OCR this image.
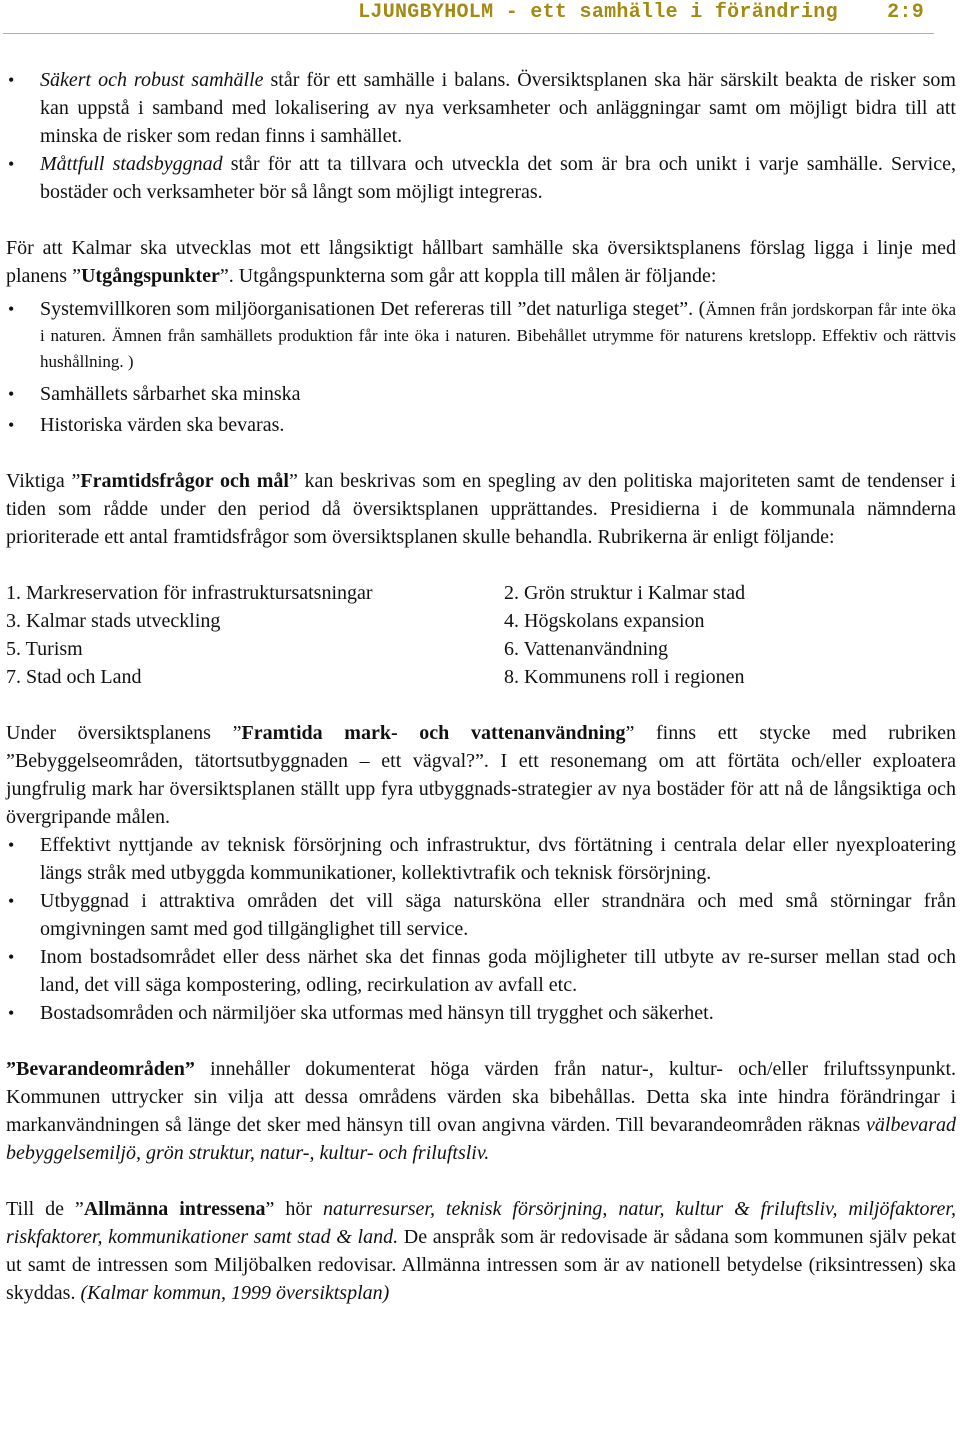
LJUNGBYHOLM - ett samhälle i förändring 2:9
• Säkert och robust samhälle står för ett samhälle i balans. Översiktsplanen ska här särskilt beakta de risker som kan uppstå i samband med lokalisering av nya verksamheter och anläggningar samt om möjligt bidra till att minska de risker som redan finns i samhället.
• Måttfull stadsbyggnad står för att ta tillvara och utveckla det som är bra och unikt i varje samhälle. Service, bostäder och verksamheter bör så långt som möjligt integreras.

För att Kalmar ska utvecklas mot ett långsiktigt hållbart samhälle ska översiktsplanens förslag ligga i linje med planens ”Utgångspunkter”. Utgångspunkterna som går att koppla till målen är följande:

• Systemvillkoren som miljöorganisationen Det refereras till ”det naturliga steget”. (Ämnen från jordskorpan får inte öka i naturen. Ämnen från samhällets produktion får inte öka i naturen. Bibehållet utrymme för naturens kretslopp. Effektiv och rättvis hushållning. )
• Samhällets sårbarhet ska minska
• Historiska värden ska bevaras.

Viktiga ”Framtidsfrågor och mål” kan beskrivas som en spegling av den politiska majoriteten samt de tendenser i tiden som rådde under den period då översiktsplanen upprättandes. Presidierna i de kommunala nämnderna prioriterade ett antal framtidsfrågor som översiktsplanen skulle behandla. Rubrikerna är enligt följande:

1. Markreservation för infrastruktursatsningar	2. Grön struktur i Kalmar stad
3. Kalmar stads utveckling	4. Högskolans expansion
5. Turism	6. Vattenanvändning
7. Stad och Land	8. Kommunens roll i regionen

Under översiktsplanens ”Framtida mark- och vattenanvändning” finns ett stycke med rubriken ”Bebyggelseområden, tätortsutbyggnaden – ett vägval?”. I ett resonemang om att förtäta och/eller exploatera jungfrulig mark har översiktsplanen ställt upp fyra utbyggnads-strategier av nya bostäder för att nå de långsiktiga och övergripande målen.

• Effektivt nyttjande av teknisk försörjning och infrastruktur, dvs förtätning i centrala delar eller nyexploatering längs stråk med utbyggda kommunikationer, kollektivtrafik och teknisk försörjning.
• Utbyggnad i attraktiva områden det vill säga natursköna eller strandnära och med små störningar från omgivningen samt med god tillgänglighet till service.
• Inom bostadsområdet eller dess närhet ska det finnas goda möjligheter till utbyte av re-surser mellan stad och land, det vill säga kompostering, odling, recirkulation av avfall etc.
• Bostadsområden och närmiljöer ska utformas med hänsyn till trygghet och säkerhet.

”Bevarandeområden” innehåller dokumenterat höga värden från natur-, kultur- och/eller friluftssynpunkt. Kommunen uttrycker sin vilja att dessa områdens värden ska bibehållas. Detta ska inte hindra förändringar i markanvändningen så länge det sker med hänsyn till ovan angivna värden. Till bevarandeområden räknas välbevarad bebyggelsemiljö, grön struktur, natur-, kultur- och friluftsliv.

Till de ”Allmänna intressena” hör naturresurser, teknisk försörjning, natur, kultur & friluftsliv, miljöfaktorer, riskfaktorer, kommunikationer samt stad & land. De anspråk som är redovisade är sådana som kommunen själv pekat ut samt de intressen som Miljöbalken redovisar. Allmänna intressen som är av nationell betydelse (riksintressen) ska skyddas. (Kalmar kommun, 1999 översiktsplan)
